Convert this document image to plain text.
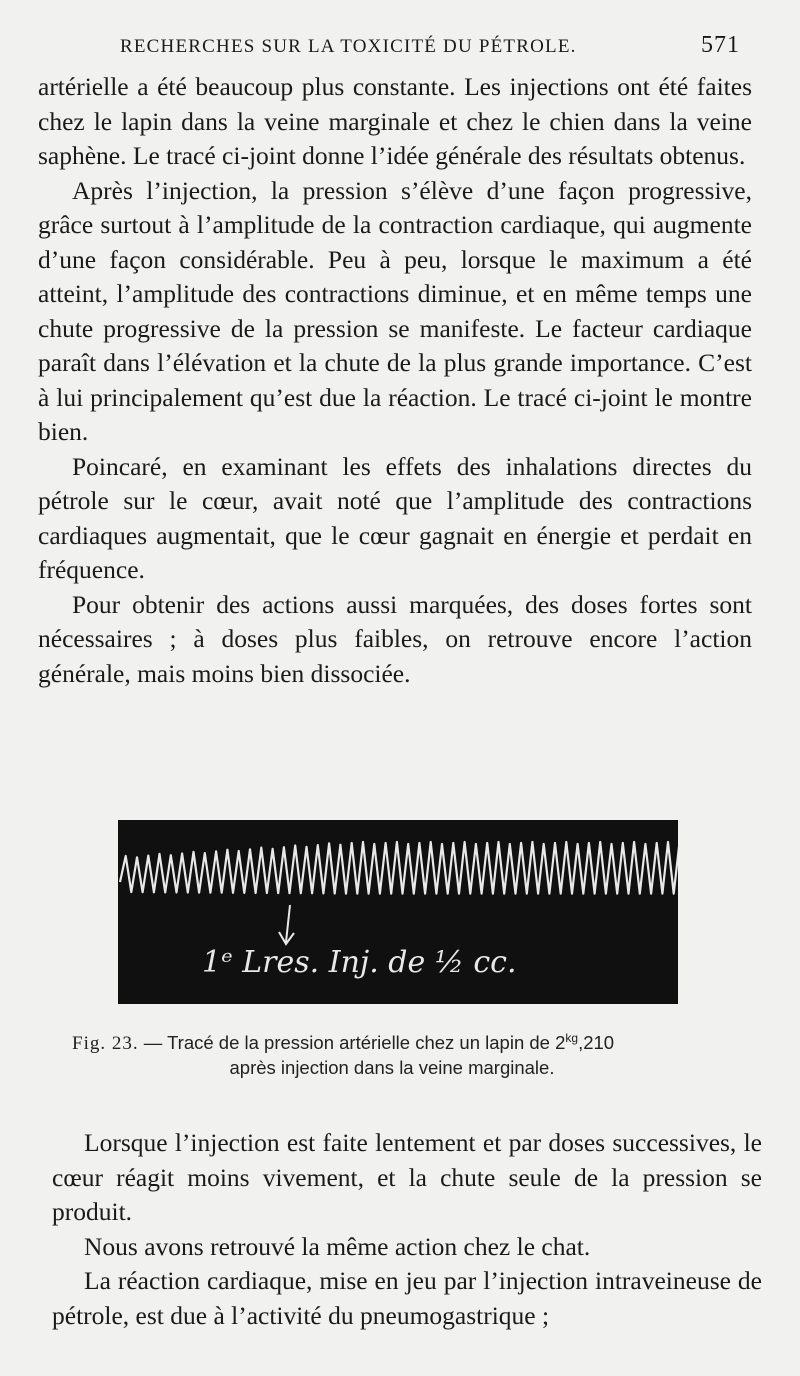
RECHERCHES SUR LA TOXICITÉ DU PÉTROLE.	571

artérielle a été beaucoup plus constante. Les injections ont été faites chez le lapin dans la veine marginale et chez le chien dans la veine saphène. Le tracé ci-joint donne l’idée générale des résultats obtenus.

Après l’injection, la pression s’élève d’une façon progressive, grâce surtout à l’amplitude de la contraction cardiaque, qui augmente d’une façon considérable. Peu à peu, lorsque le maximum a été atteint, l’amplitude des contractions diminue, et en même temps une chute progressive de la pression se manifeste. Le facteur cardiaque paraît dans l’élévation et la chute de la plus grande importance. C’est à lui principalement qu’est due la réaction. Le tracé ci-joint le montre bien.

Poincaré, en examinant les effets des inhalations directes du pétrole sur le cœur, avait noté que l’amplitude des contractions cardiaques augmentait, que le cœur gagnait en énergie et perdait en fréquence.

Pour obtenir des actions aussi marquées, des doses fortes sont nécessaires ; à doses plus faibles, on retrouve encore l’action générale, mais moins bien dissociée.

1ᵉ Lres. Inj. de ½ cc.
Fig. 23. — Tracé de la pression artérielle chez un lapin de $2^{kg},210$
après injection dans la veine marginale.

Lorsque l’injection est faite lentement et par doses successives, le cœur réagit moins vivement, et la chute seule de la pression se produit.

Nous avons retrouvé la même action chez le chat.

La réaction cardiaque, mise en jeu par l’injection intraveineuse de pétrole, est due à l’activité du pneumogastrique ;
